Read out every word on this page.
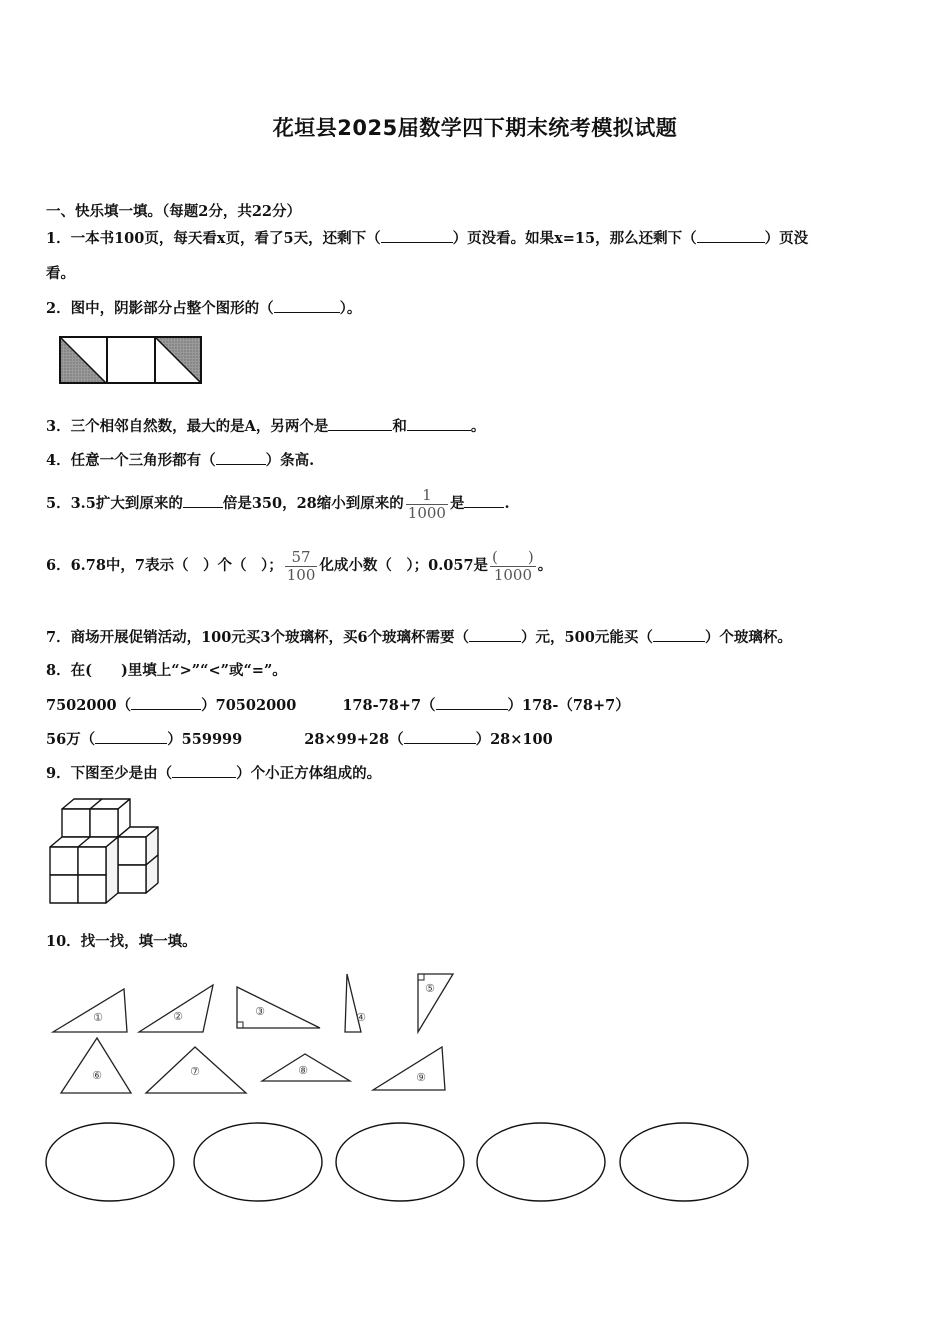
花垣县2025届数学四下期末统考模拟试题
一、快乐填一填。（每题2分，共22分）
1．一本书100页，每天看x页，看了5天，还剩下（	）页没看。如果x=15，那么还剩下（	）页没
看。
2．图中，阴影部分占整个图形的（	）。
3．三个相邻自然数，最大的是A，另两个是	和	。
4．任意一个三角形都有（	）条高.
5．3.5扩大到原来的	倍是350，28缩小到原来的 $\frac{1}{1000}$ 是	.
6．6.78中，7表示（　）个（　）； $\frac{57}{100}$ 化成小数（　）；0.057是 $\frac{( )}{1000}$ 。
7．商场开展促销活动，100元买3个玻璃杯，买6个玻璃杯需要（	）元，500元能买（	）个玻璃杯。
8．在(　　)里填上“>”“<”或“=”。
7502000（	）70502000	178-78+7（	）178-（78+7）
56万（	）559999	28×99+28（	）28×100
9．下图至少是由（	）个小正方体组成的。
10．找一找，填一填。
①	②	③	④
⑤
⑥	⑦	⑧
⑨
